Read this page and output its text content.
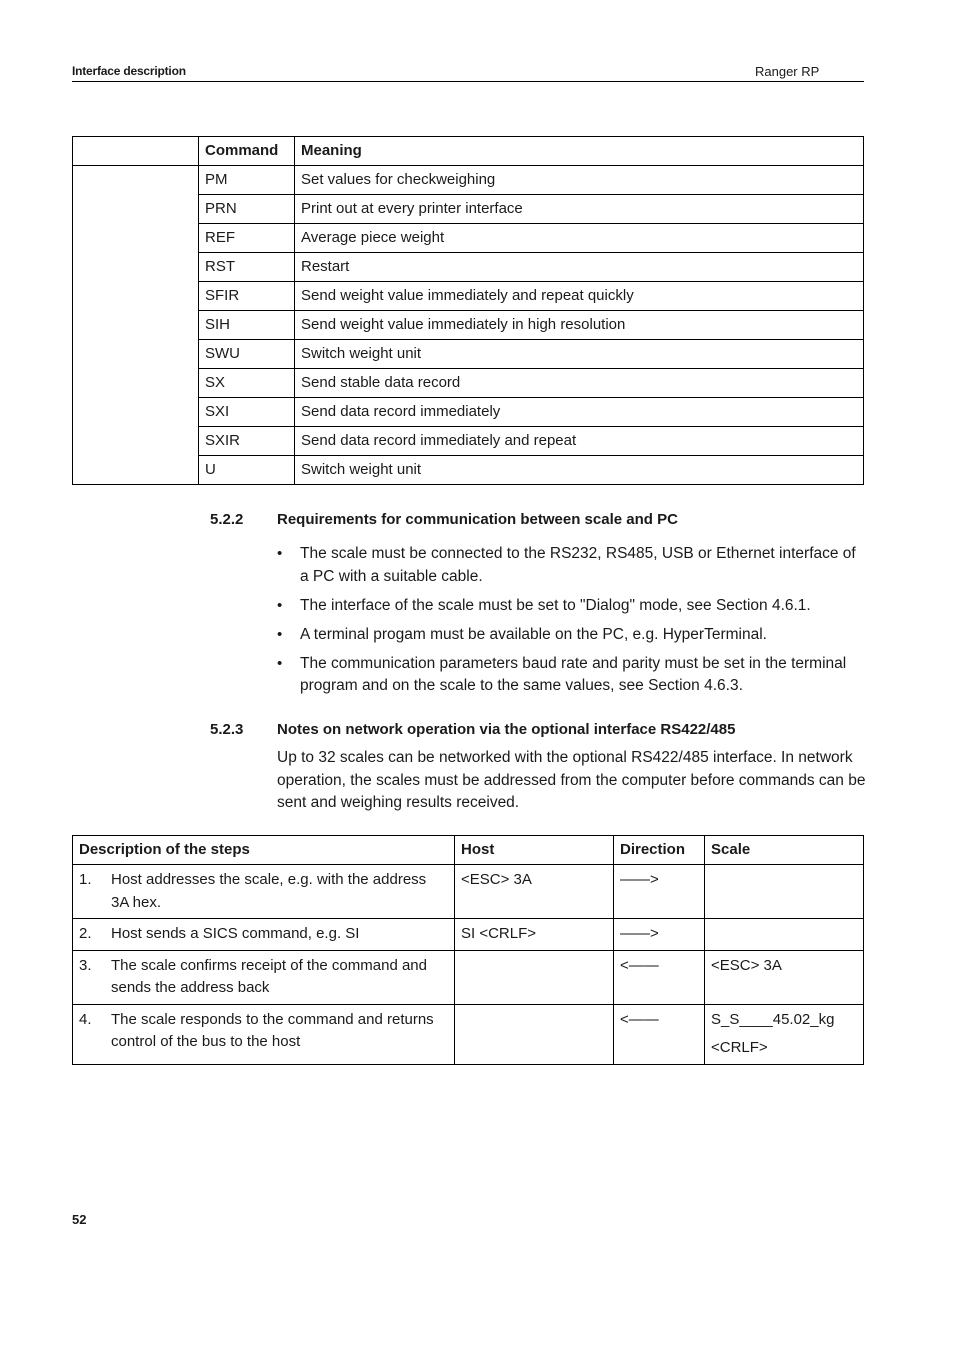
Interface description	Ranger RP
	Command	Meaning
	PM	Set values for checkweighing
	PRN	Print out at every printer interface
	REF	Average piece weight
	RST	Restart
	SFIR	Send weight value immediately and repeat quickly
	SIH	Send weight value immediately in high resolution
	SWU	Switch weight unit
	SX	Send stable data record
	SXI	Send data record immediately
	SXIR	Send data record immediately and repeat
	U	Switch weight unit
5.2.2 Requirements for communication between scale and PC
• The scale must be connected to the RS232, RS485, USB or Ethernet interface of a PC with a suitable cable.
• The interface of the scale must be set to "Dialog" mode, see Section 4.6.1.
• A terminal progam must be available on the PC, e.g. HyperTerminal.
• The communication parameters baud rate and parity must be set in the terminal program and on the scale to the same values, see Section 4.6.3.
5.2.3 Notes on network operation via the optional interface RS422/485
Up to 32 scales can be networked with the optional RS422/485 interface. In network operation, the scales must be addressed from the computer before commands can be sent and weighing results received.
Description of the steps	Host	Direction	Scale
1. Host addresses the scale, e.g. with the address 3A hex.	<ESC> 3A	——>	

2. Host sends a SICS command, e.g. SI	SI <CRLF>	——>	

3. The scale confirms receipt of the command and sends the address back		<——	<ESC> 3A

4. The scale responds to the command and returns control of the bus to the host		<——	S_S____45.02_kg
<CRLF>
52
